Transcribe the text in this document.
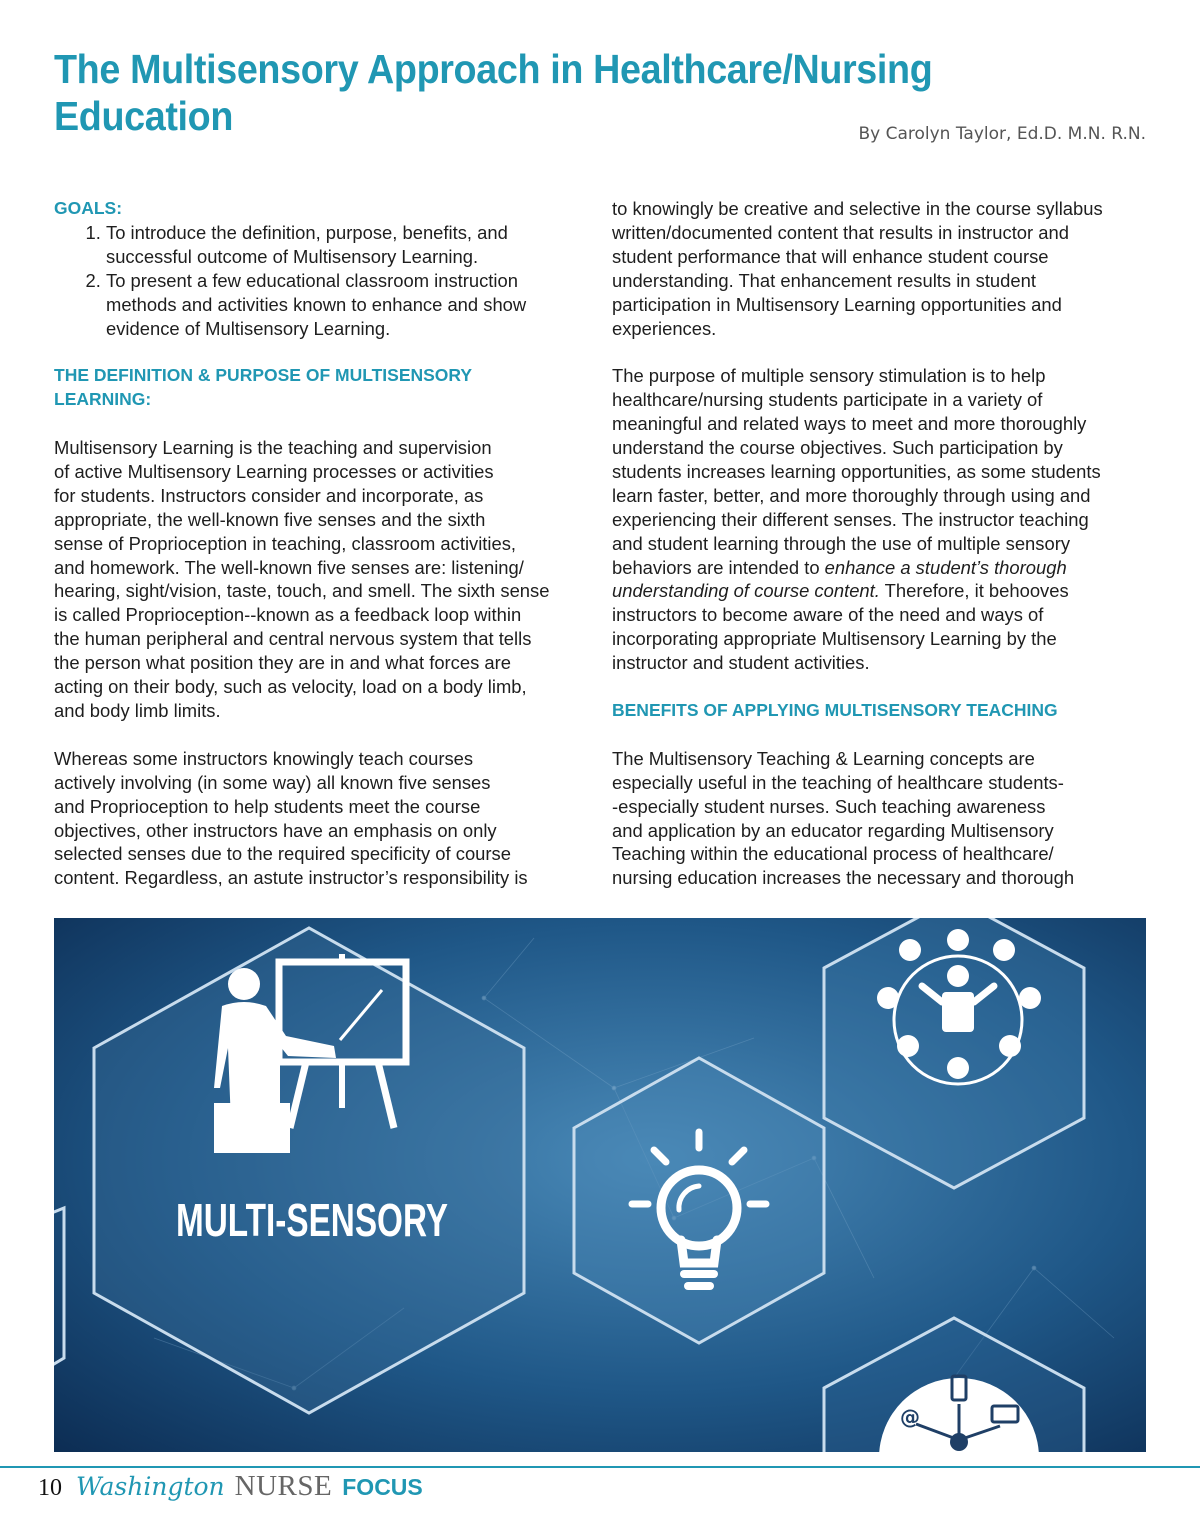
The Multisensory Approach in Healthcare/Nursing Education	By Carolyn Taylor, Ed.D. M.N. R.N.
GOALS:
1. To introduce the definition, purpose, benefits, and
successful outcome of Multisensory Learning.
2. To present a few educational classroom instruction
methods and activities known to enhance and show
evidence of Multisensory Learning.
THE DEFINITION & PURPOSE OF MULTISENSORY
LEARNING:

Multisensory Learning is the teaching and supervision
of active Multisensory Learning processes or activities
for students. Instructors consider and incorporate, as
appropriate, the well-known five senses and the sixth
sense of Proprioception in teaching, classroom activities,
and homework. The well-known five senses are: listening/
hearing, sight/vision, taste, touch, and smell. The sixth sense
is called Proprioception--known as a feedback loop within
the human peripheral and central nervous system that tells
the person what position they are in and what forces are
acting on their body, such as velocity, load on a body limb,
and body limb limits.

Whereas some instructors knowingly teach courses
actively involving (in some way) all known five senses
and Proprioception to help students meet the course
objectives, other instructors have an emphasis on only
selected senses due to the required specificity of course
content. Regardless, an astute instructor’s responsibility is

to knowingly be creative and selective in the course syllabus
written/documented content that results in instructor and
student performance that will enhance student course
understanding. That enhancement results in student
participation in Multisensory Learning opportunities and
experiences.

The purpose of multiple sensory stimulation is to help
healthcare/nursing students participate in a variety of
meaningful and related ways to meet and more thoroughly
understand the course objectives. Such participation by
students increases learning opportunities, as some students
learn faster, better, and more thoroughly through using and
experiencing their different senses. The instructor teaching
and student learning through the use of multiple sensory
behaviors are intended to enhance a student’s thorough
understanding of course content. Therefore, it behooves
instructors to become aware of the need and ways of
incorporating appropriate Multisensory Learning by the
instructor and student activities.

BENEFITS OF APPLYING MULTISENSORY TEACHING

The Multisensory Teaching & Learning concepts are
especially useful in the teaching of healthcare students-
-especially student nurses. Such teaching awareness
and application by an educator regarding Multisensory
Teaching within the educational process of healthcare/
nursing education increases the necessary and thorough

MULTI-SENSORY
@
10 Washington NURSE FOCUS
